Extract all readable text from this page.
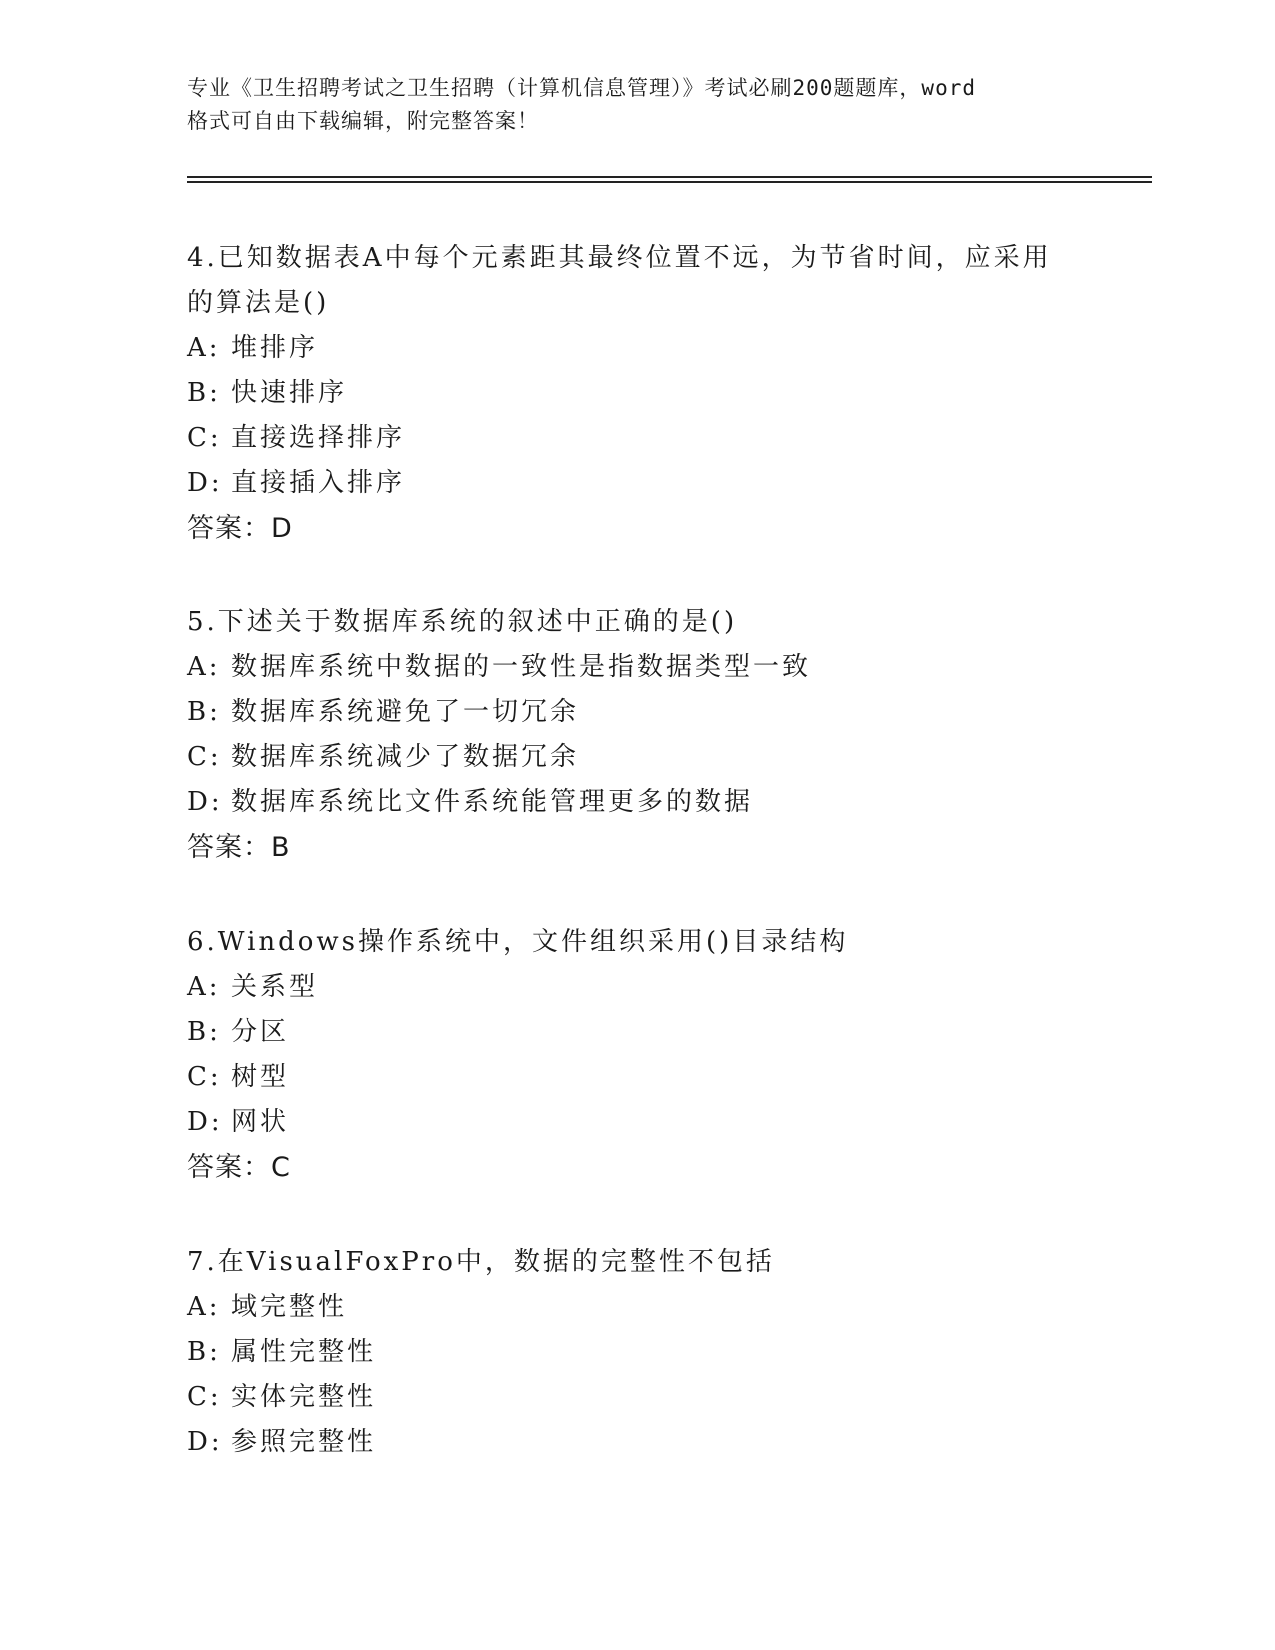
专业《卫生招聘考试之卫生招聘（计算机信息管理）》考试必刷200题题库，word
格式可自由下载编辑，附完整答案！

4.已知数据表A中每个元素距其最终位置不远，为节省时间，应采用

的算法是()

A: 堆排序

B: 快速排序

C: 直接选择排序

D: 直接插入排序

答案：D

5.下述关于数据库系统的叙述中正确的是()

A: 数据库系统中数据的一致性是指数据类型一致

B: 数据库系统避免了一切冗余

C: 数据库系统减少了数据冗余

D: 数据库系统比文件系统能管理更多的数据

答案：B

6.Windows操作系统中，文件组织采用()目录结构

A: 关系型

B: 分区

C: 树型

D: 网状

答案：C

7.在VisualFoxPro中，数据的完整性不包括

A: 域完整性

B: 属性完整性

C: 实体完整性

D: 参照完整性
